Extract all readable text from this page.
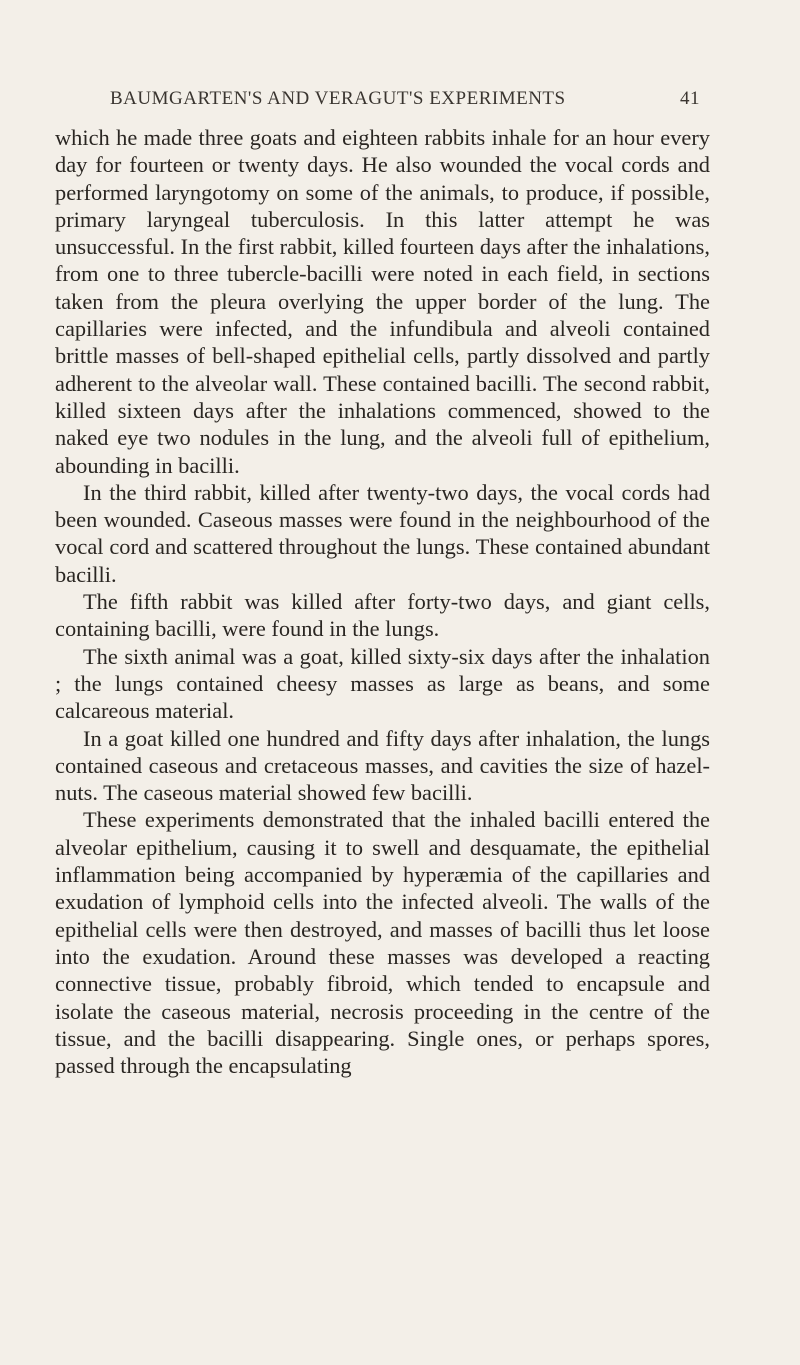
BAUMGARTEN'S AND VERAGUT'S EXPERIMENTS	41

which he made three goats and eighteen rabbits inhale for an hour every day for fourteen or twenty days. He also wounded the vocal cords and performed laryngotomy on some of the animals, to produce, if possible, primary laryngeal tuberculosis. In this latter attempt he was unsuccessful. In the first rabbit, killed fourteen days after the inhalations, from one to three tubercle-bacilli were noted in each field, in sections taken from the pleura overlying the upper border of the lung. The capillaries were infected, and the infundibula and alveoli contained brittle masses of bell-shaped epithelial cells, partly dissolved and partly adherent to the alveolar wall. These contained bacilli. The second rabbit, killed sixteen days after the inhalations commenced, showed to the naked eye two nodules in the lung, and the alveoli full of epithelium, abounding in bacilli.

In the third rabbit, killed after twenty-two days, the vocal cords had been wounded. Caseous masses were found in the neighbourhood of the vocal cord and scattered throughout the lungs. These contained abundant bacilli.

The fifth rabbit was killed after forty-two days, and giant cells, containing bacilli, were found in the lungs.

The sixth animal was a goat, killed sixty-six days after the inhalation ; the lungs contained cheesy masses as large as beans, and some calcareous material.

In a goat killed one hundred and fifty days after inhalation, the lungs contained caseous and cretaceous masses, and cavities the size of hazel-nuts. The caseous material showed few bacilli.

These experiments demonstrated that the inhaled bacilli entered the alveolar epithelium, causing it to swell and desquamate, the epithelial inflammation being accompanied by hyperæmia of the capillaries and exudation of lymphoid cells into the infected alveoli. The walls of the epithelial cells were then destroyed, and masses of bacilli thus let loose into the exudation. Around these masses was developed a reacting connective tissue, probably fibroid, which tended to encapsule and isolate the caseous material, necrosis proceeding in the centre of the tissue, and the bacilli disappearing. Single ones, or perhaps spores, passed through the encapsulating
